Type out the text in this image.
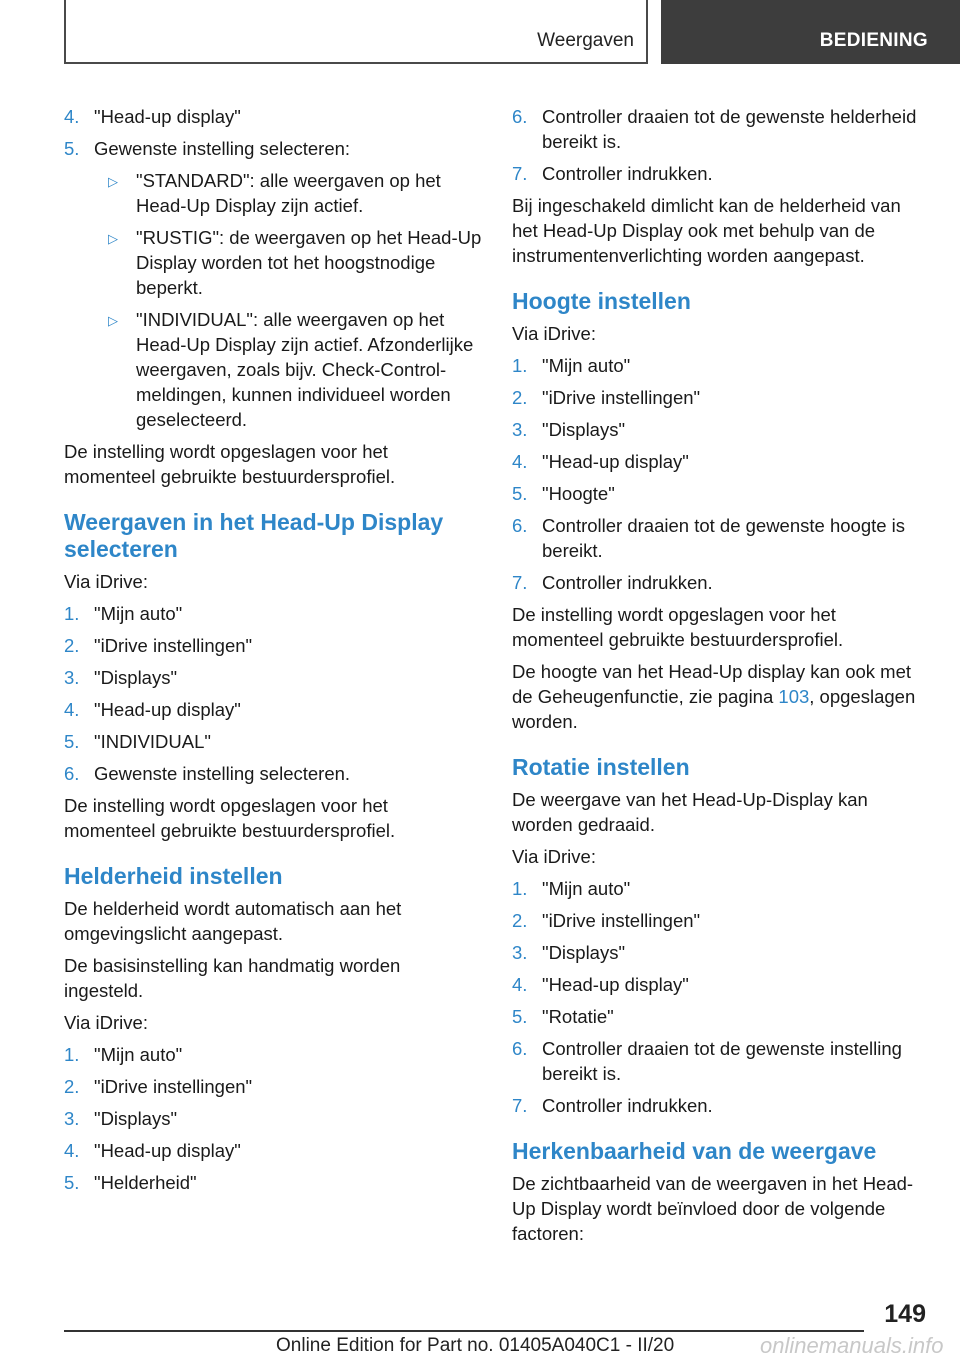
Weergaven	BEDIENING
4. "Head-up display"
5. Gewenste instelling selecteren:
▷ "STANDARD": alle weergaven op het Head-Up Display zijn actief.
▷ "RUSTIG": de weergaven op het Head-Up Display worden tot het hoogstnodige beperkt.
▷ "INDIVIDUAL": alle weergaven op het Head-Up Display zijn actief. Afzonderlijke weergaven, zoals bijv. Check-Control-meldingen, kunnen individueel worden geselecteerd.

De instelling wordt opgeslagen voor het momenteel gebruikte bestuurdersprofiel.

Weergaven in het Head-Up Display selecteren

Via iDrive:

1. "Mijn auto"
2. "iDrive instellingen"
3. "Displays"
4. "Head-up display"
5. "INDIVIDUAL"
6. Gewenste instelling selecteren.

De instelling wordt opgeslagen voor het momenteel gebruikte bestuurdersprofiel.

Helderheid instellen

De helderheid wordt automatisch aan het omgevingslicht aangepast.

De basisinstelling kan handmatig worden ingesteld.

Via iDrive:

1. "Mijn auto"
2. "iDrive instellingen"
3. "Displays"
4. "Head-up display"
5. "Helderheid"
6. Controller draaien tot de gewenste helderheid bereikt is.
7. Controller indrukken.

Bij ingeschakeld dimlicht kan de helderheid van het Head-Up Display ook met behulp van de instrumentenverlichting worden aangepast.

Hoogte instellen

Via iDrive:

1. "Mijn auto"
2. "iDrive instellingen"
3. "Displays"
4. "Head-up display"
5. "Hoogte"
6. Controller draaien tot de gewenste hoogte is bereikt.
7. Controller indrukken.

De instelling wordt opgeslagen voor het momenteel gebruikte bestuurdersprofiel.

De hoogte van het Head-Up display kan ook met de Geheugenfunctie, zie pagina 103, opgeslagen worden.

Rotatie instellen

De weergave van het Head-Up-Display kan worden gedraaid.

Via iDrive:

1. "Mijn auto"
2. "iDrive instellingen"
3. "Displays"
4. "Head-up display"
5. "Rotatie"
6. Controller draaien tot de gewenste instelling bereikt is.
7. Controller indrukken.
Herkenbaarheid van de weergave

De zichtbaarheid van de weergaven in het Head-Up Display wordt beïnvloed door de volgende factoren:

149
Online Edition for Part no. 01405A040C1 - II/20	onlinemanuals.info
